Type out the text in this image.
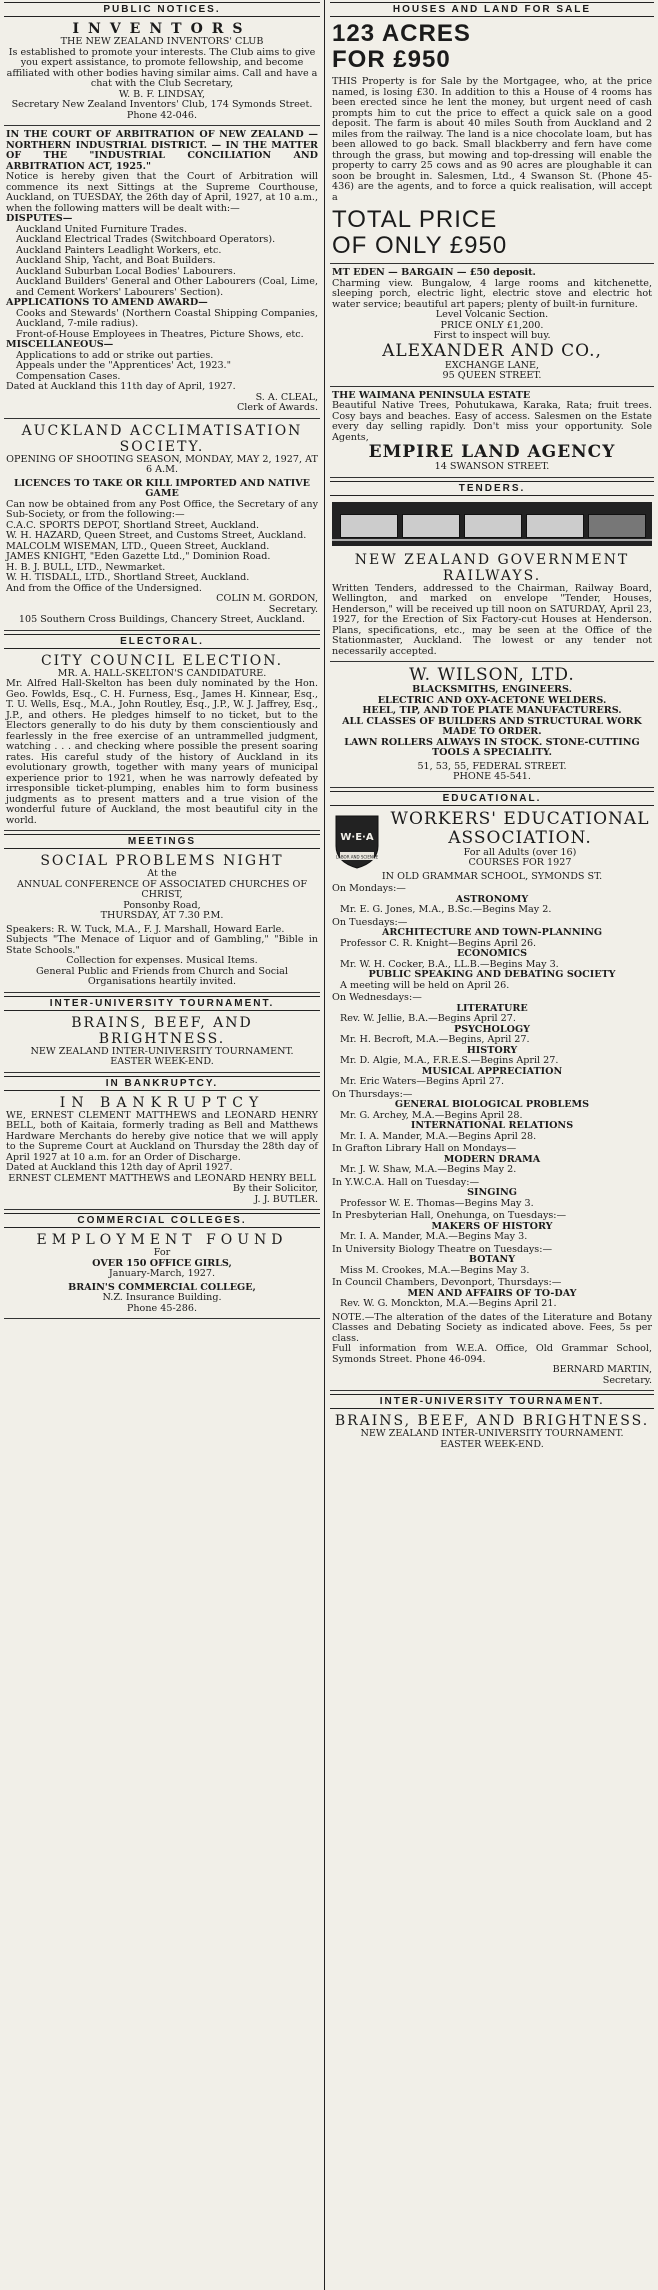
PUBLIC NOTICES.

INVENTORS

THE NEW ZEALAND INVENTORS' CLUB

Is established to promote your interests. The Club aims to give you expert assistance, to promote fellowship, and become affiliated with other bodies having similar aims. Call and have a chat with the Club Secretary,

W. B. F. LINDSAY,

Secretary New Zealand Inventors' Club, 174 Symonds Street. Phone 42-046.

IN THE COURT OF ARBITRATION OF NEW ZEALAND — NORTHERN INDUSTRIAL DISTRICT. — IN THE MATTER OF THE "INDUSTRIAL CONCILIATION AND ARBITRATION ACT, 1925."

Notice is hereby given that the Court of Arbitration will commence its next Sittings at the Supreme Courthouse, Auckland, on TUESDAY, the 26th day of April, 1927, at 10 a.m., when the following matters will be dealt with:—

DISPUTES—

Auckland United Furniture Trades.

Auckland Electrical Trades (Switchboard Operators).

Auckland Painters Leadlight Workers, etc.

Auckland Ship, Yacht, and Boat Builders.

Auckland Suburban Local Bodies' Labourers.

Auckland Builders' General and Other Labourers (Coal, Lime, and Cement Workers' Labourers' Section).

APPLICATIONS TO AMEND AWARD—

Cooks and Stewards' (Northern Coastal Shipping Companies, Auckland, 7-mile radius).

Front-of-House Employees in Theatres, Picture Shows, etc.

MISCELLANEOUS—

Applications to add or strike out parties.

Appeals under the "Apprentices' Act, 1923."

Compensation Cases.

Dated at Auckland this 11th day of April, 1927.

S. A. CLEAL,

Clerk of Awards.

AUCKLAND ACCLIMATISATION SOCIETY.

OPENING OF SHOOTING SEASON, MONDAY, MAY 2, 1927, AT 6 A.M.

LICENCES TO TAKE OR KILL IMPORTED AND NATIVE GAME

Can now be obtained from any Post Office, the Secretary of any Sub-Society, or from the following:—

C.A.C. SPORTS DEPOT, Shortland Street, Auckland.

W. H. HAZARD, Queen Street, and Customs Street, Auckland.

MALCOLM WISEMAN, LTD., Queen Street, Auckland.

JAMES KNIGHT, "Eden Gazette Ltd.," Dominion Road.

H. B. J. BULL, LTD., Newmarket.

W. H. TISDALL, LTD., Shortland Street, Auckland.

And from the Office of the Undersigned.

COLIN M. GORDON,

Secretary.

105 Southern Cross Buildings, Chancery Street, Auckland.

ELECTORAL.

CITY COUNCIL ELECTION.

MR. A. HALL-SKELTON'S CANDIDATURE.

Mr. Alfred Hall-Skelton has been duly nominated by the Hon. Geo. Fowlds, Esq., C. H. Furness, Esq., James H. Kinnear, Esq., T. U. Wells, Esq., M.A., John Routley, Esq., J.P., W. J. Jaffrey, Esq., J.P., and others. He pledges himself to no ticket, but to the Electors generally to do his duty by them conscientiously and fearlessly in the free exercise of an untrammelled judgment, watching . . . and checking where possible the present soaring rates. His careful study of the history of Auckland in its evolutionary growth, together with many years of municipal experience prior to 1921, when he was narrowly defeated by irresponsible ticket-plumping, enables him to form business judgments as to present matters and a true vision of the wonderful future of Auckland, the most beautiful city in the world.

MEETINGS

SOCIAL PROBLEMS NIGHT

At the

ANNUAL CONFERENCE OF ASSOCIATED CHURCHES OF CHRIST,

Ponsonby Road,

THURSDAY, AT 7.30 P.M.

Speakers: R. W. Tuck, M.A., F. J. Marshall, Howard Earle.

Subjects "The Menace of Liquor and of Gambling," "Bible in State Schools."

Collection for expenses. Musical Items.

General Public and Friends from Church and Social Organisations heartily invited.

INTER-UNIVERSITY TOURNAMENT.

BRAINS, BEEF, AND BRIGHTNESS.

NEW ZEALAND INTER-UNIVERSITY TOURNAMENT.

EASTER WEEK-END.

IN BANKRUPTCY.

IN BANKRUPTCY

WE, ERNEST CLEMENT MATTHEWS and LEONARD HENRY BELL, both of Kaitaia, formerly trading as Bell and Matthews Hardware Merchants do hereby give notice that we will apply to the Supreme Court at Auckland on Thursday the 28th day of April 1927 at 10 a.m. for an Order of Discharge.

Dated at Auckland this 12th day of April 1927.

ERNEST CLEMENT MATTHEWS and LEONARD HENRY BELL

By their Solicitor,

J. J. BUTLER.

COMMERCIAL COLLEGES.

EMPLOYMENT FOUND

For

OVER 150 OFFICE GIRLS,

January-March, 1927.

BRAIN'S COMMERCIAL COLLEGE,

N.Z. Insurance Building.

Phone 45-286.

HOUSES AND LAND FOR SALE

123 ACRES

FOR £950

THIS Property is for Sale by the Mortgagee, who, at the price named, is losing £30. In addition to this a House of 4 rooms has been erected since he lent the money, but urgent need of cash prompts him to cut the price to effect a quick sale on a good deposit. The farm is about 40 miles South from Auckland and 2 miles from the railway. The land is a nice chocolate loam, but has been allowed to go back. Small blackberry and fern have come through the grass, but mowing and top-dressing will enable the property to carry 25 cows and as 90 acres are ploughable it can soon be brought in. Salesmen, Ltd., 4 Swanson St. (Phone 45-436) are the agents, and to force a quick realisation, will accept a

TOTAL PRICE

OF ONLY £950

MT EDEN — BARGAIN — £50 deposit.

Charming view. Bungalow, 4 large rooms and kitchenette, sleeping porch, electric light, electric stove and electric hot water service; beautiful art papers; plenty of built-in furniture.

Level Volcanic Section.

PRICE ONLY £1,200.

First to inspect will buy.

ALEXANDER AND CO.,

EXCHANGE LANE,

95 QUEEN STREET.

THE WAIMANA PENINSULA ESTATE

Beautiful Native Trees, Pohutukawa, Karaka, Rata; fruit trees. Cosy bays and beaches. Easy of access. Salesmen on the Estate every day selling rapidly. Don't miss your opportunity. Sole Agents,

EMPIRE LAND AGENCY

14 SWANSON STREET.

TENDERS.

NEW ZEALAND GOVERNMENT RAILWAYS.

Written Tenders, addressed to the Chairman, Railway Board, Wellington, and marked on envelope "Tender, Houses, Henderson," will be received up till noon on SATURDAY, April 23, 1927, for the Erection of Six Factory-cut Houses at Henderson. Plans, specifications, etc., may be seen at the Office of the Stationmaster, Auckland. The lowest or any tender not necessarily accepted.

W. WILSON, LTD.

BLACKSMITHS, ENGINEERS.

ELECTRIC AND OXY-ACETONE WELDERS.

HEEL, TIP, AND TOE PLATE MANUFACTURERS.

ALL CLASSES OF BUILDERS AND STRUCTURAL WORK MADE TO ORDER.

LAWN ROLLERS ALWAYS IN STOCK. STONE-CUTTING TOOLS A SPECIALITY.

51, 53, 55, FEDERAL STREET.

PHONE 45-541.

EDUCATIONAL.
W·E·A
LABOR AND SCIENCE

WORKERS' EDUCATIONAL ASSOCIATION.

For all Adults (over 16)

COURSES FOR 1927

IN OLD GRAMMAR SCHOOL, SYMONDS ST.

On Mondays:—

ASTRONOMY

Mr. E. G. Jones, M.A., B.Sc.—Begins May 2.

On Tuesdays:—

ARCHITECTURE AND TOWN-PLANNING

Professor C. R. Knight—Begins April 26.

ECONOMICS

Mr. W. H. Cocker, B.A., LL.B.—Begins May 3.

PUBLIC SPEAKING AND DEBATING SOCIETY

A meeting will be held on April 26.

On Wednesdays:—

LITERATURE

Rev. W. Jellie, B.A.—Begins April 27.

PSYCHOLOGY

Mr. H. Becroft, M.A.—Begins, April 27.

HISTORY

Mr. D. Algie, M.A., F.R.E.S.—Begins April 27.

MUSICAL APPRECIATION

Mr. Eric Waters—Begins April 27.

On Thursdays:—

GENERAL BIOLOGICAL PROBLEMS

Mr. G. Archey, M.A.—Begins April 28.

INTERNATIONAL RELATIONS

Mr. I. A. Mander, M.A.—Begins April 28.

In Grafton Library Hall on Mondays—

MODERN DRAMA

Mr. J. W. Shaw, M.A.—Begins May 2.

In Y.W.C.A. Hall on Tuesday:—

SINGING

Professor W. E. Thomas—Begins May 3.

In Presbyterian Hall, Onehunga, on Tuesdays:—

MAKERS OF HISTORY

Mr. I. A. Mander, M.A.—Begins May 3.

In University Biology Theatre on Tuesdays:—

BOTANY

Miss M. Crookes, M.A.—Begins May 3.

In Council Chambers, Devonport, Thursdays:—

MEN AND AFFAIRS OF TO-DAY

Rev. W. G. Monckton, M.A.—Begins April 21.

NOTE.—The alteration of the dates of the Literature and Botany Classes and Debating Society as indicated above. Fees, 5s per class.

Full information from W.E.A. Office, Old Grammar School, Symonds Street. Phone 46-094.

BERNARD MARTIN,

Secretary.

INTER-UNIVERSITY TOURNAMENT.

BRAINS, BEEF, AND BRIGHTNESS.

NEW ZEALAND INTER-UNIVERSITY TOURNAMENT.

EASTER WEEK-END.
